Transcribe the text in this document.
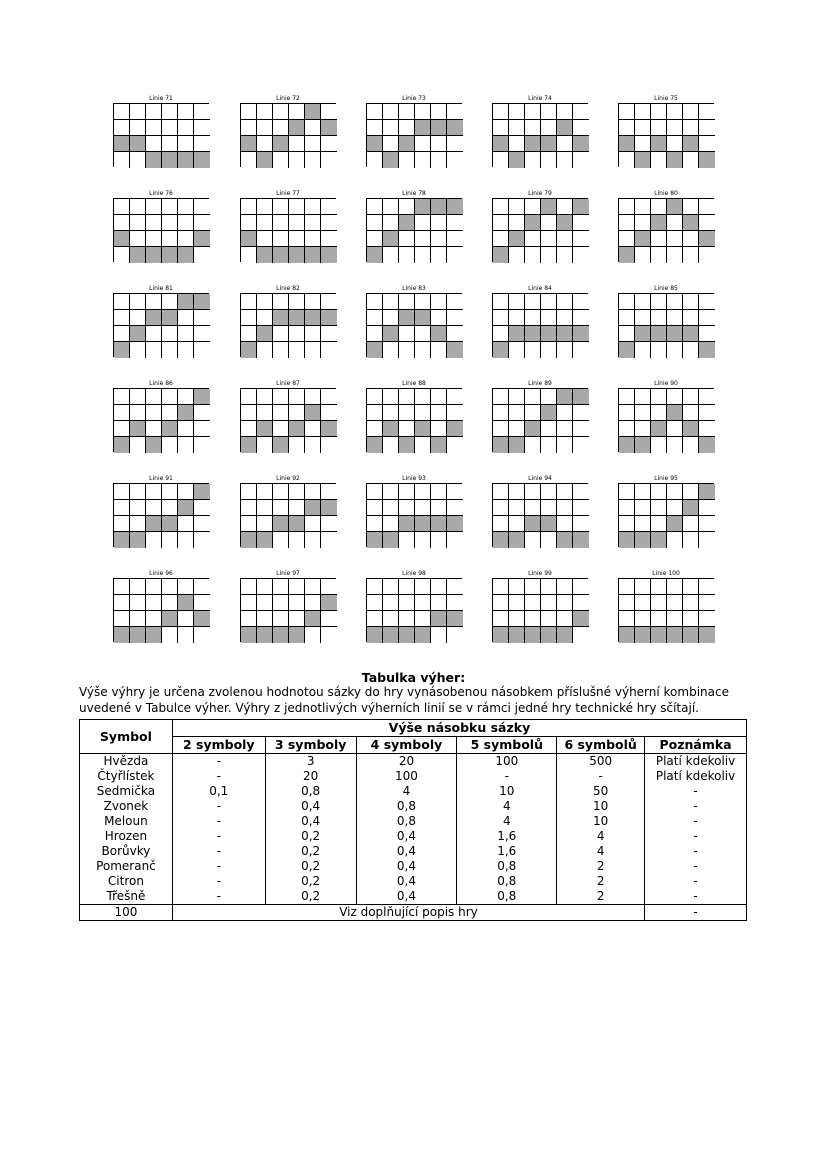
Linie 71	Linie 72	Linie 73	Linie 74	Linie 75
Linie 76	Linie 77	Linie 78	Linie 79	Linie 80
Linie 81	Linie 82	Linie 83	Linie 84	Linie 85
Linie 86	Linie 87	Linie 88	Linie 89	Linie 90
Linie 91	Linie 92	Linie 93	Linie 94	Linie 95
Linie 96	Linie 97	Linie 98	Linie 99	Linie 100
Tabulka výher:
Výše výhry je určena zvolenou hodnotou sázky do hry vynásobenou násobkem příslušné výherní kombinace
uvedené v Tabulce výher. Výhry z jednotlivých výherních linií se v rámci jedné hry technické hry sčítají.
Symbol	Výše násobku sázky					
	2 symboly	3 symboly	4 symboly	5 symbolů	6 symbolů	Poznámka
Hvězda	-	3	20	100	500	Platí kdekoliv
Čtyřlístek	-	20	100	-	-	Platí kdekoliv
Sedmička	0,1	0,8	4	10	50	-
Zvonek	-	0,4	0,8	4	10	-
Meloun	-	0,4	0,8	4	10	-
Hrozen	-	0,2	0,4	1,6	4	-
Borůvky	-	0,2	0,4	1,6	4	-
Pomeranč	-	0,2	0,4	0,8	2	-
Citron	-	0,2	0,4	0,8	2	-
Třešně	-	0,2	0,4	0,8	2	-
100	Viz doplňující popis hry					-
